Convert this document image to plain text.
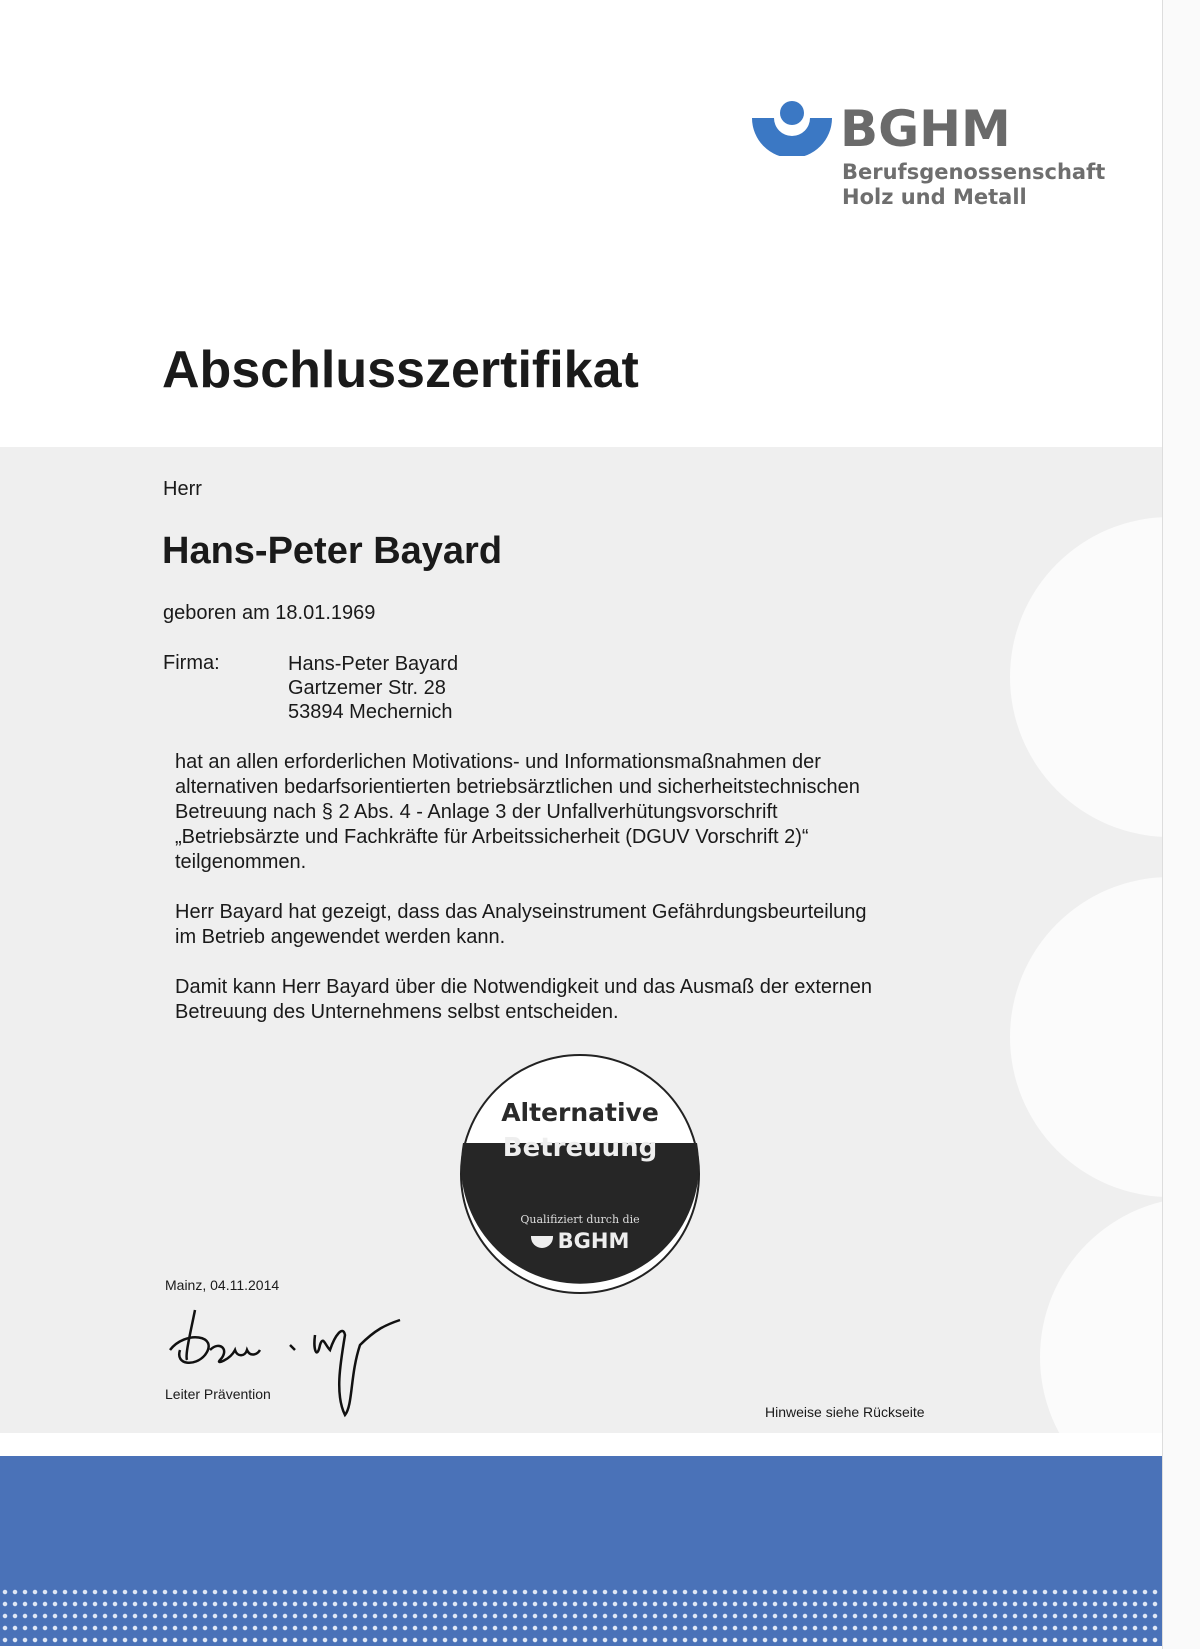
BGHM
Berufsgenossenschaft
Holz und Metall
Abschlusszertifikat
Herr
Hans-Peter Bayard
geboren am 18.01.1969
Firma:	Hans-Peter Bayard
Gartzemer Str. 28
53894 Mechernich

hat an allen erforderlichen Motivations- und Informationsmaßnahmen der
alternativen bedarfsorientierten betriebsärztlichen und sicherheitstechnischen
Betreuung nach § 2 Abs. 4 - Anlage 3 der Unfallverhütungsvorschrift
„Betriebsärzte und Fachkräfte für Arbeitssicherheit (DGUV Vorschrift 2)“
teilgenommen.

Herr Bayard hat gezeigt, dass das Analyseinstrument Gefährdungsbeurteilung
im Betrieb angewendet werden kann.

Damit kann Herr Bayard über die Notwendigkeit und das Ausmaß der externen
Betreuung des Unternehmens selbst entscheiden.

Alternative
Betreuung
Qualifiziert durch die
BGHM
Mainz, 04.11.2014
Leiter Prävention
Hinweise siehe Rückseite
